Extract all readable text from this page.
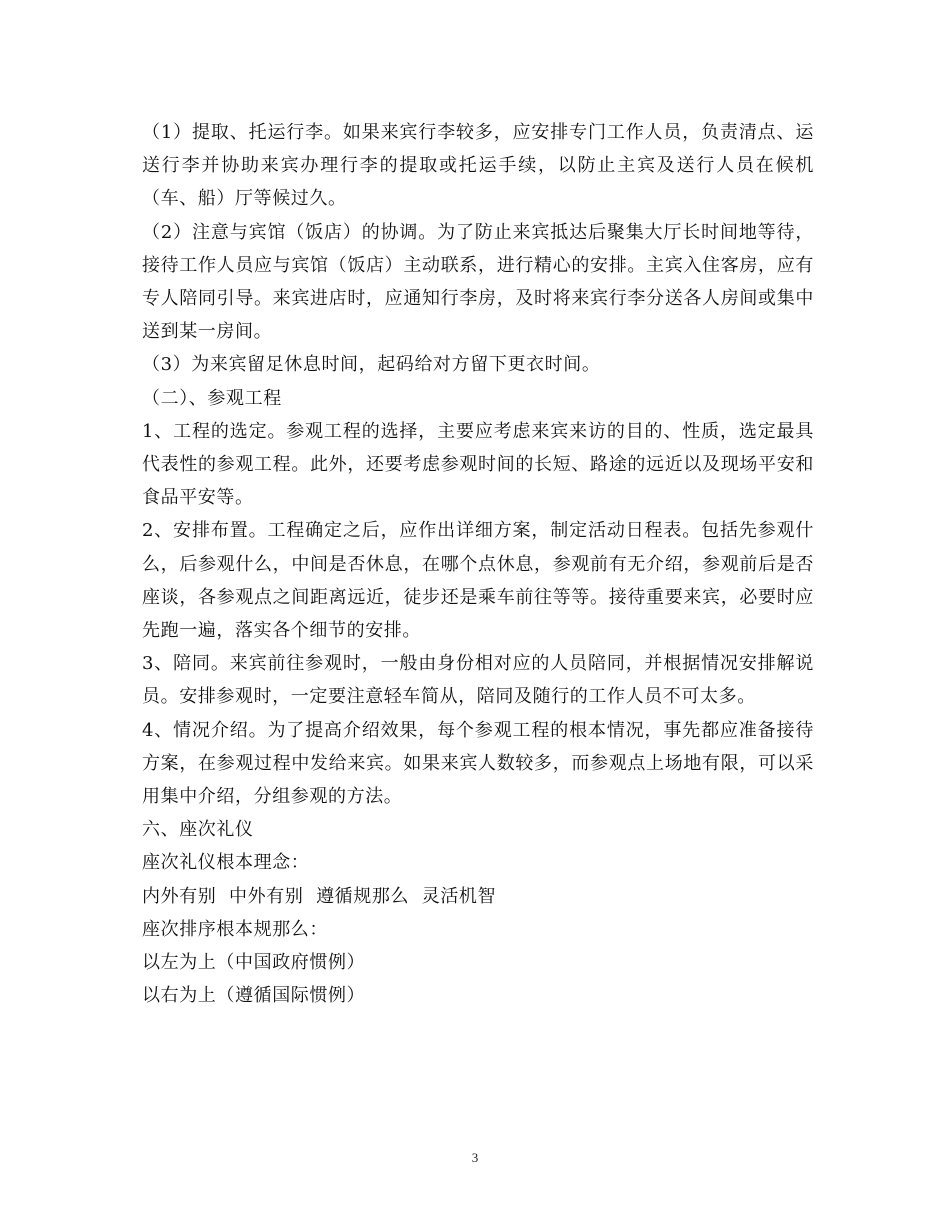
（1）提取、托运行李。如果来宾行李较多，应安排专门工作人员，负责清点、运送行李并协助来宾办理行李的提取或托运手续，以防止主宾及送行人员在候机（车、船）厅等候过久。

（2）注意与宾馆（饭店）的协调。为了防止来宾抵达后聚集大厅长时间地等待，接待工作人员应与宾馆（饭店）主动联系，进行精心的安排。主宾入住客房，应有专人陪同引导。来宾进店时，应通知行李房，及时将来宾行李分送各人房间或集中送到某一房间。

（3）为来宾留足休息时间，起码给对方留下更衣时间。

（二）、参观工程

1、工程的选定。参观工程的选择，主要应考虑来宾来访的目的、性质，选定最具代表性的参观工程。此外，还要考虑参观时间的长短、路途的远近以及现场平安和食品平安等。

2、安排布置。工程确定之后，应作出详细方案，制定活动日程表。包括先参观什么，后参观什么，中间是否休息，在哪个点休息，参观前有无介绍，参观前后是否座谈，各参观点之间距离远近，徒步还是乘车前往等等。接待重要来宾，必要时应先跑一遍，落实各个细节的安排。

3、陪同。来宾前往参观时，一般由身份相对应的人员陪同，并根据情况安排解说员。安排参观时，一定要注意轻车简从，陪同及随行的工作人员不可太多。

4、情况介绍。为了提高介绍效果，每个参观工程的根本情况，事先都应准备接待方案，在参观过程中发给来宾。如果来宾人数较多，而参观点上场地有限，可以采用集中介绍，分组参观的方法。

六、座次礼仪

座次礼仪根本理念：

内外有别  中外有别  遵循规那么  灵活机智

座次排序根本规那么：

以左为上（中国政府惯例）

以右为上（遵循国际惯例）

3
